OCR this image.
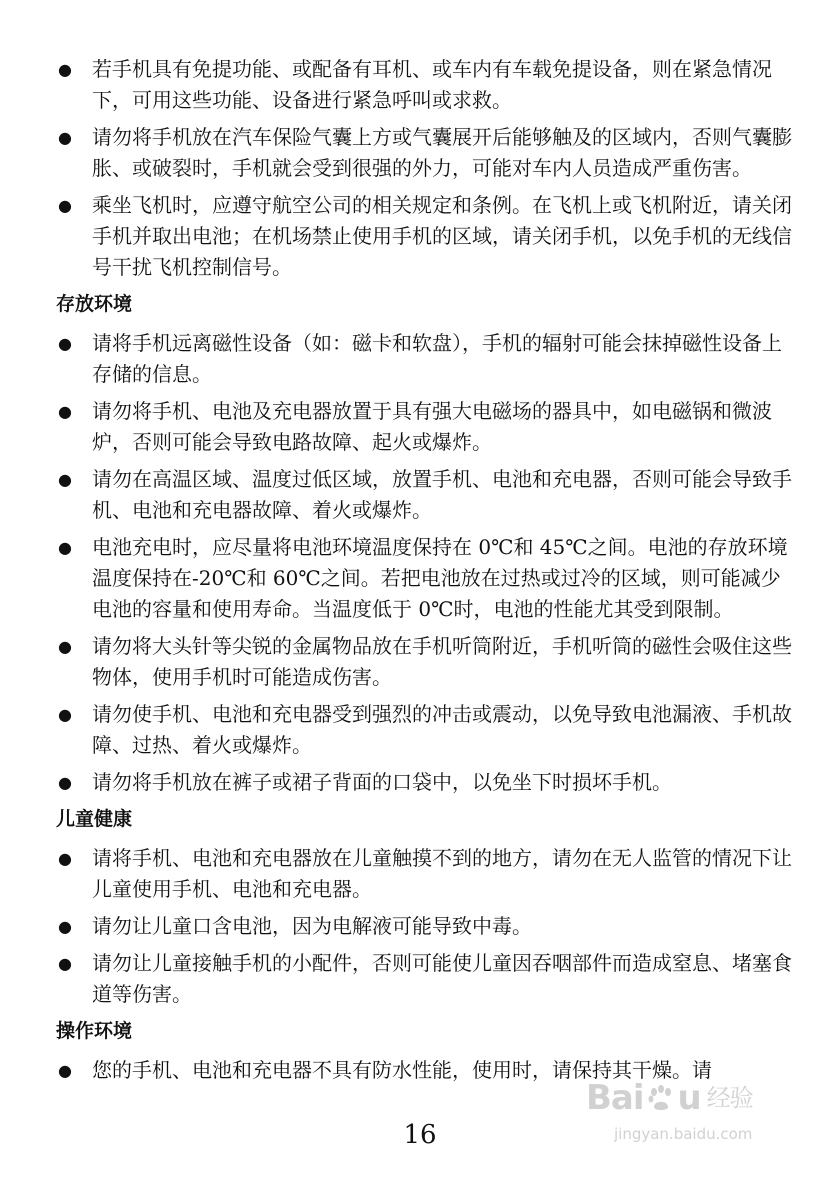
● 若手机具有免提功能、或配备有耳机、或车内有车载免提设备，则在紧急情况下，可用这些功能、设备进行紧急呼叫或求救。
● 请勿将手机放在汽车保险气囊上方或气囊展开后能够触及的区域内，否则气囊膨胀、或破裂时，手机就会受到很强的外力，可能对车内人员造成严重伤害。
● 乘坐飞机时，应遵守航空公司的相关规定和条例。在飞机上或飞机附近，请关闭手机并取出电池；在机场禁止使用手机的区域，请关闭手机，以免手机的无线信号干扰飞机控制信号。
存放环境
● 请将手机远离磁性设备（如：磁卡和软盘），手机的辐射可能会抹掉磁性设备上存储的信息。
● 请勿将手机、电池及充电器放置于具有强大电磁场的器具中，如电磁锅和微波炉，否则可能会导致电路故障、起火或爆炸。
● 请勿在高温区域、温度过低区域，放置手机、电池和充电器，否则可能会导致手机、电池和充电器故障、着火或爆炸。
● 电池充电时，应尽量将电池环境温度保持在 0℃和 45℃之间。电池的存放环境温度保持在-20℃和 60℃之间。若把电池放在过热或过冷的区域，则可能减少电池的容量和使用寿命。当温度低于 0℃时，电池的性能尤其受到限制。
● 请勿将大头针等尖锐的金属物品放在手机听筒附近，手机听筒的磁性会吸住这些物体，使用手机时可能造成伤害。
● 请勿使手机、电池和充电器受到强烈的冲击或震动，以免导致电池漏液、手机故障、过热、着火或爆炸。
● 请勿将手机放在裤子或裙子背面的口袋中，以免坐下时损坏手机。
儿童健康
● 请将手机、电池和充电器放在儿童触摸不到的地方，请勿在无人监管的情况下让儿童使用手机、电池和充电器。
● 请勿让儿童口含电池，因为电解液可能导致中毒。
● 请勿让儿童接触手机的小配件，否则可能使儿童因吞咽部件而造成窒息、堵塞食道等伤害。
操作环境
● 您的手机、电池和充电器不具有防水性能，使用时，请保持其干燥。请
16
Bai u 经验
jingyan.baidu.com
